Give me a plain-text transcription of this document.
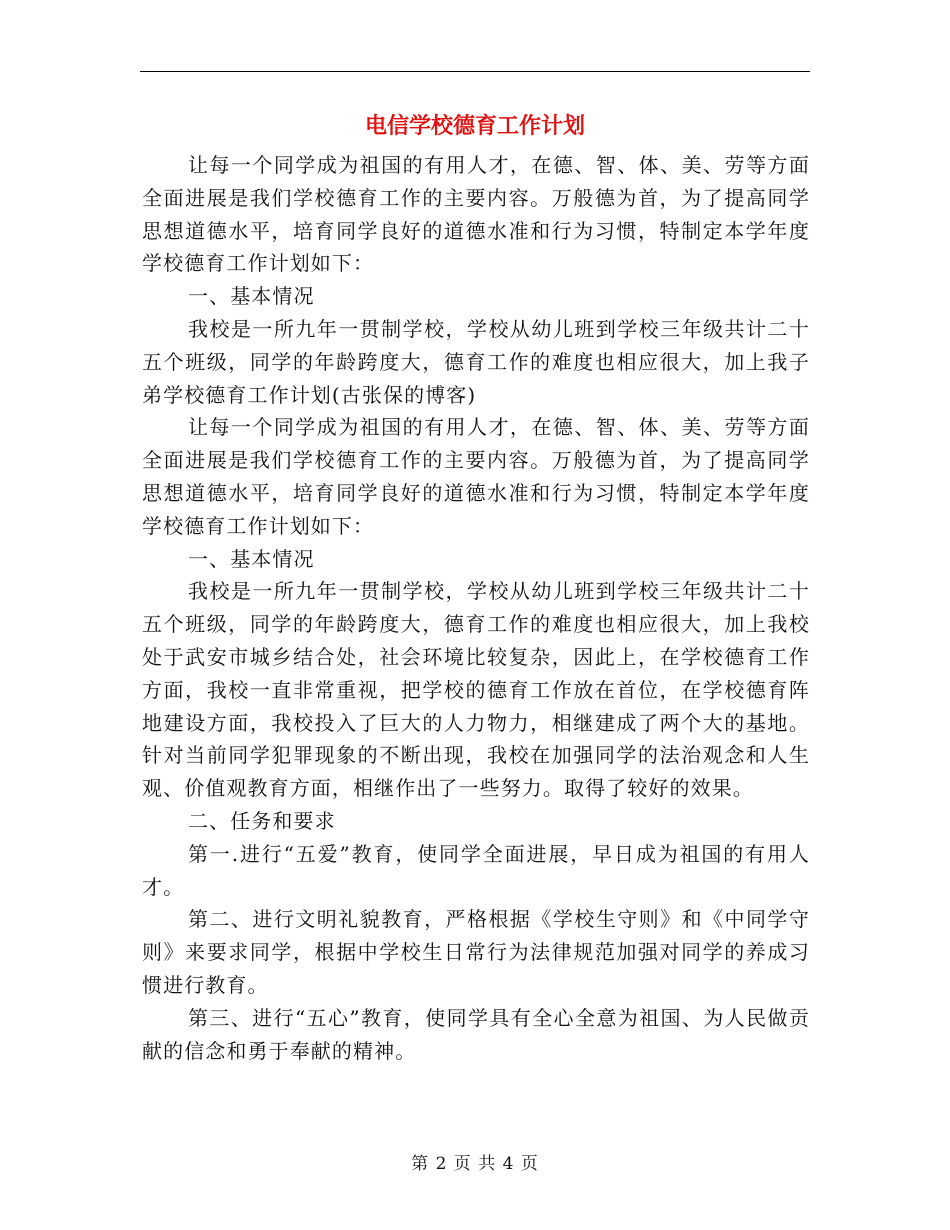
电信学校德育工作计划

让每一个同学成为祖国的有用人才，在德、智、体、美、劳等方面全面进展是我们学校德育工作的主要内容。万般德为首，为了提高同学思想道德水平，培育同学良好的道德水准和行为习惯，特制定本学年度学校德育工作计划如下：

一、基本情况

我校是一所九年一贯制学校，学校从幼儿班到学校三年级共计二十五个班级，同学的年龄跨度大，德育工作的难度也相应很大，加上我子弟学校德育工作计划(古张保的博客)

让每一个同学成为祖国的有用人才，在德、智、体、美、劳等方面全面进展是我们学校德育工作的主要内容。万般德为首，为了提高同学思想道德水平，培育同学良好的道德水准和行为习惯，特制定本学年度学校德育工作计划如下：

一、基本情况

我校是一所九年一贯制学校，学校从幼儿班到学校三年级共计二十五个班级，同学的年龄跨度大，德育工作的难度也相应很大，加上我校处于武安市城乡结合处，社会环境比较复杂，因此上，在学校德育工作方面，我校一直非常重视，把学校的德育工作放在首位，在学校德育阵地建设方面，我校投入了巨大的人力物力，相继建成了两个大的基地。针对当前同学犯罪现象的不断出现，我校在加强同学的法治观念和人生观、价值观教育方面，相继作出了一些努力。取得了较好的效果。

二、任务和要求

第一.进行“五爱”教育，使同学全面进展，早日成为祖国的有用人才。

第二、进行文明礼貌教育，严格根据《学校生守则》和《中同学守则》来要求同学，根据中学校生日常行为法律规范加强对同学的养成习惯进行教育。

第三、进行“五心”教育，使同学具有全心全意为祖国、为人民做贡献的信念和勇于奉献的精神。

第 2 页 共 4 页
